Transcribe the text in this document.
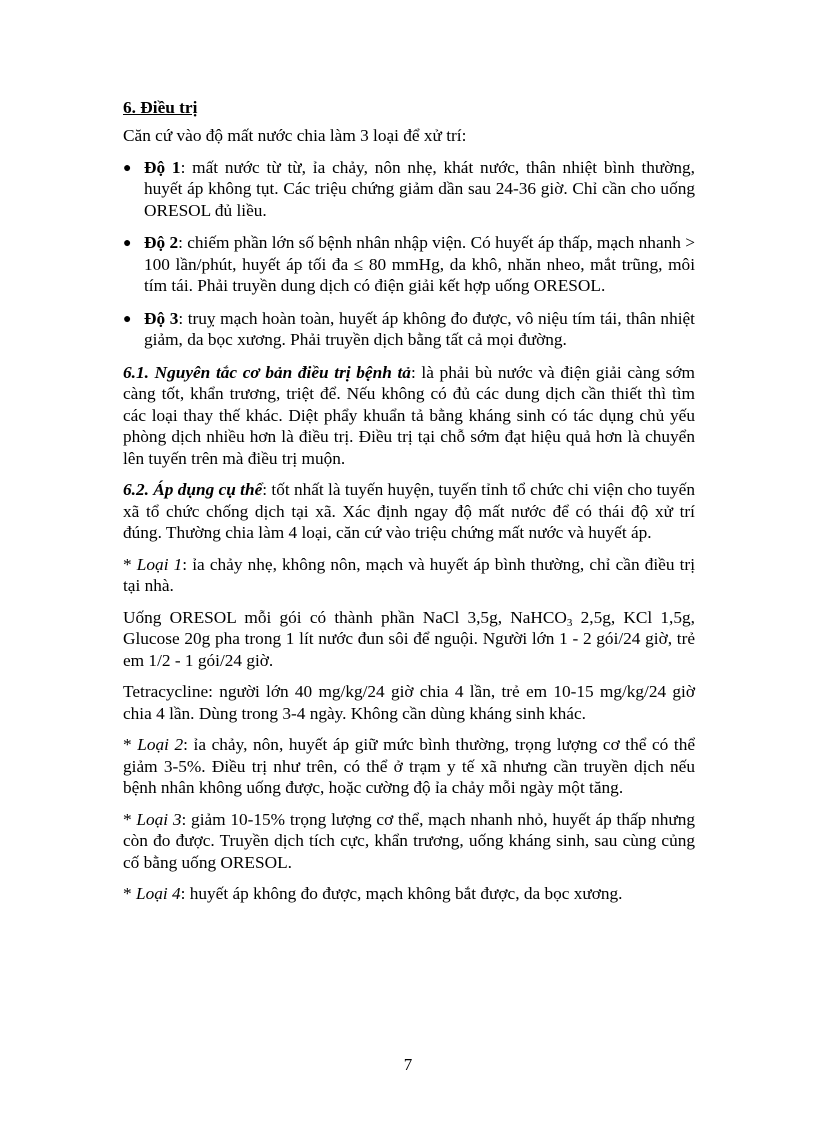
6. Điều trị

Căn cứ vào độ mất nước chia làm 3 loại để xử trí:

● Độ 1: mất nước từ từ, ỉa chảy, nôn nhẹ, khát nước, thân nhiệt bình thường, huyết áp không tụt. Các triệu chứng giảm dần sau 24-36 giờ. Chỉ cần cho uống ORESOL đủ liều.
● Độ 2: chiếm phần lớn số bệnh nhân nhập viện. Có huyết áp thấp, mạch nhanh > 100 lần/phút, huyết áp tối đa ≤ 80 mmHg, da khô, nhăn nheo, mắt trũng, môi tím tái. Phải truyền dung dịch có điện giải kết hợp uống ORESOL.
● Độ 3: truỵ mạch hoàn toàn, huyết áp không đo được, vô niệu tím tái, thân nhiệt giảm, da bọc xương. Phải truyền dịch bằng tất cả mọi đường.

6.1. Nguyên tắc cơ bản điều trị bệnh tả: là phải bù nước và điện giải càng sớm càng tốt, khẩn trương, triệt để. Nếu không có đủ các dung dịch cần thiết thì tìm các loại thay thế khác. Diệt phẩy khuẩn tả bằng kháng sinh có tác dụng chủ yếu phòng dịch nhiều hơn là điều trị. Điều trị tại chỗ sớm đạt hiệu quả hơn là chuyển lên tuyến trên mà điều trị muộn.

6.2. Áp dụng cụ thể: tốt nhất là tuyến huyện, tuyến tỉnh tổ chức chi viện cho tuyến xã tổ chức chống dịch tại xã. Xác định ngay độ mất nước để có thái độ xử trí đúng. Thường chia làm 4 loại, căn cứ vào triệu chứng mất nước và huyết áp.

* Loại 1: ỉa chảy nhẹ, không nôn, mạch và huyết áp bình thường, chỉ cần điều trị tại nhà.

Uống ORESOL mỗi gói có thành phần NaCl 3,5g, NaHCO$_3$ 2,5g, KCl 1,5g, Glucose 20g pha trong 1 lít nước đun sôi để nguội. Người lớn 1 - 2 gói/24 giờ, trẻ em 1/2 - 1 gói/24 giờ.

Tetracycline: người lớn 40 mg/kg/24 giờ chia 4 lần, trẻ em 10-15 mg/kg/24 giờ chia 4 lần. Dùng trong 3-4 ngày. Không cần dùng kháng sinh khác.

* Loại 2: ỉa chảy, nôn, huyết áp giữ mức bình thường, trọng lượng cơ thể có thể giảm 3-5%. Điều trị như trên, có thể ở trạm y tế xã nhưng cần truyền dịch nếu bệnh nhân không uống được, hoặc cường độ ỉa chảy mỗi ngày một tăng.

* Loại 3: giảm 10-15% trọng lượng cơ thể, mạch nhanh nhỏ, huyết áp thấp nhưng còn đo được. Truyền dịch tích cực, khẩn trương, uống kháng sinh, sau cùng củng cố bằng uống ORESOL.

* Loại 4: huyết áp không đo được, mạch không bắt được, da bọc xương.

7
